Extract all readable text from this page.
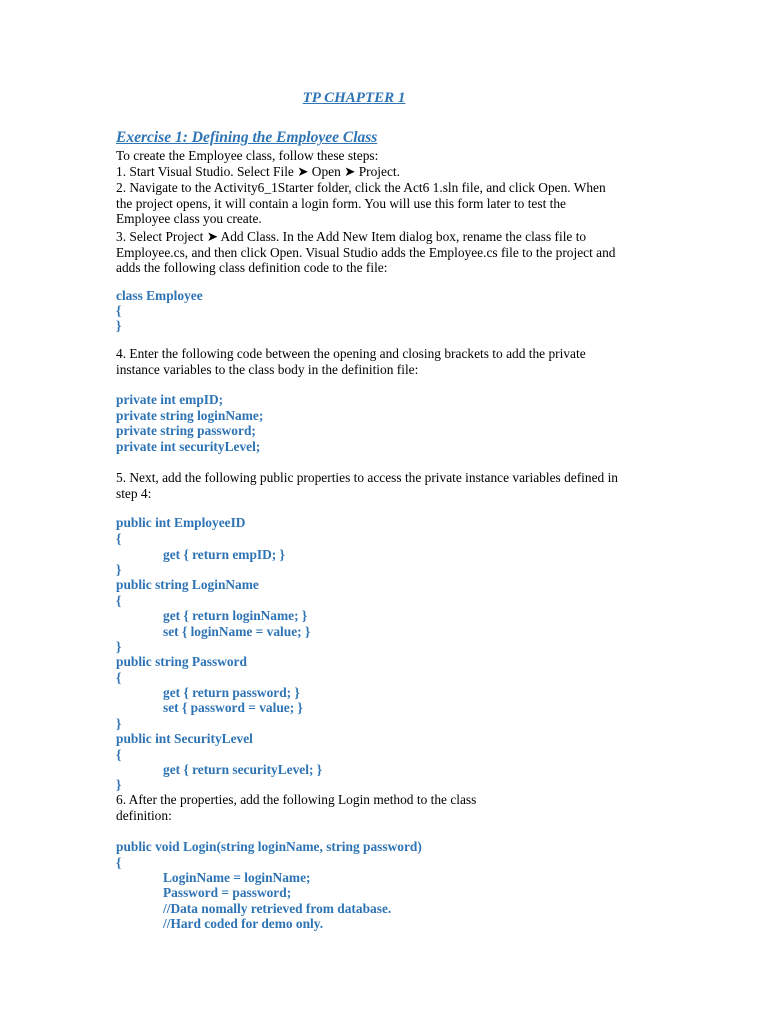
TP CHAPTER 1
Exercise 1: Defining the Employee Class
To create the Employee class, follow these steps:
1. Start Visual Studio. Select File ➤ Open ➤ Project.
2. Navigate to the Activity6_1Starter folder, click the Act6 1.sln file, and click Open. When
the project opens, it will contain a login form. You will use this form later to test the
Employee class you create.
3. Select Project ➤ Add Class. In the Add New Item dialog box, rename the class file to
Employee.cs, and then click Open. Visual Studio adds the Employee.cs file to the project and
adds the following class definition code to the file:
class Employee
{
}
4. Enter the following code between the opening and closing brackets to add the private
instance variables to the class body in the definition file:
private int empID;
private string loginName;
private string password;
private int securityLevel;
5. Next, add the following public properties to access the private instance variables defined in
step 4:
public int EmployeeID
{
get { return empID; }
}
public string LoginName
{
get { return loginName; }
set { loginName = value; }
}
public string Password
{
get { return password; }
set { password = value; }
}
public int SecurityLevel
{
get { return securityLevel; }
}
6. After the properties, add the following Login method to the class
definition:
public void Login(string loginName, string password)
{
LoginName = loginName;
Password = password;
//Data nomally retrieved from database.
//Hard coded for demo only.
